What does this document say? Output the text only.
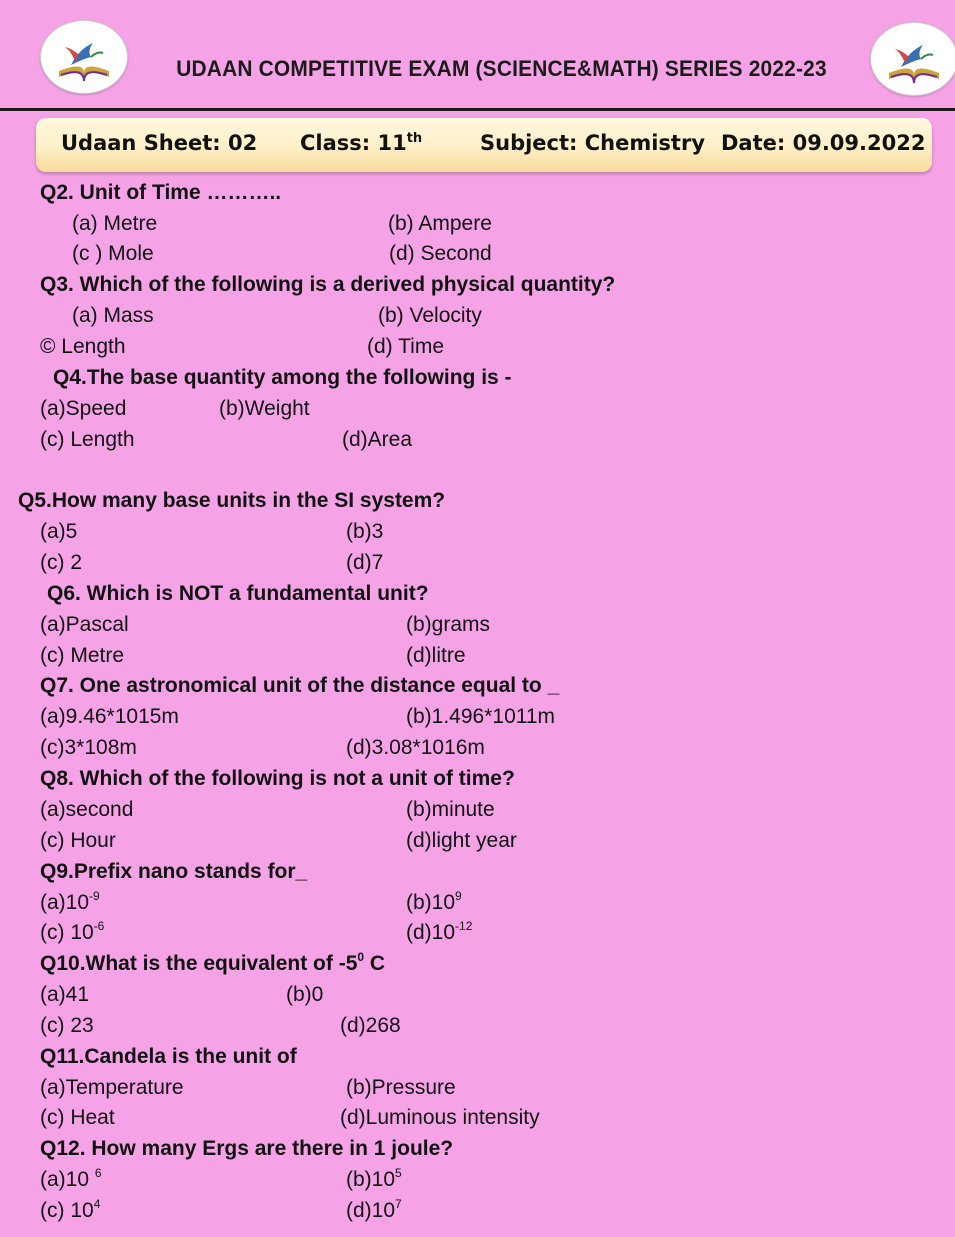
UDAAN COMPETITIVE EXAM (SCIENCE&MATH) SERIES 2022-23
Udaan Sheet: 02 Class: 11th	Subject: Chemistry Date: 09.09.2022
Q2. Unit of Time ………..
(a) Metre	(b) Ampere
(c ) Mole	(d) Second
Q3. Which of the following is a derived physical quantity?
(a) Mass	(b) Velocity
© Length	(d) Time
Q4.The base quantity among the following is -
(a)Speed	(b)Weight
(c) Length	(d)Area
Q5.How many base units in the SI system?
(a)5	(b)3
(c) 2	(d)7
Q6. Which is NOT a fundamental unit?
(a)Pascal	(b)grams
(c) Metre	(d)litre
Q7. One astronomical unit of the distance equal to _
(a)9.46*1015m	(b)1.496*1011m
(c)3*108m	(d)3.08*1016m
Q8. Which of the following is not a unit of time?
(a)second	(b)minute
(c) Hour	(d)light year
Q9.Prefix nano stands for_
$(a)10^{-9}$	$(b)10^9$
(c) $10^{-6}$	$(d)10^{-12}$
Q10.What is the equivalent of $-5^0$ C
(a)41	(b)0
(c) 23	(d)268
Q11.Candela is the unit of
(a)Temperature	(b)Pressure
(c) Heat	(d)Luminous intensity
Q12. How many Ergs are there in 1 joule?
(a)10 $^6$	$(b)10^5$
(c) $10^4$	$(d)10^7$
